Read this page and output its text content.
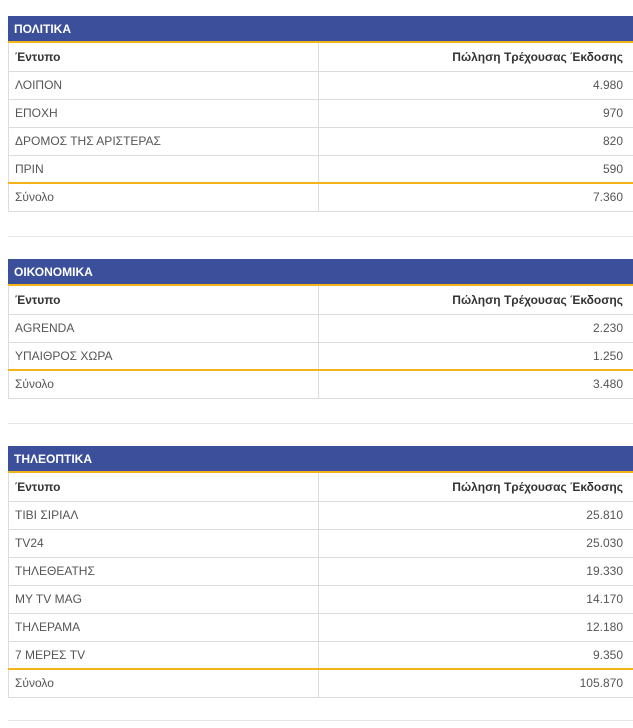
ΠΟΛΙΤΙΚΑ
Έντυπο	Πώληση Τρέχουσας Έκδοσης
ΛΟΙΠΟΝ	4.980
ΕΠΟΧΗ	970
ΔΡΟΜΟΣ ΤΗΣ ΑΡΙΣΤΕΡΑΣ	820
ΠΡΙΝ	590
Σύνολο	7.360
ΟΙΚΟΝΟΜΙΚΑ
Έντυπο	Πώληση Τρέχουσας Έκδοσης
AGRENDA	2.230
ΥΠΑΙΘΡΟΣ ΧΩΡΑ	1.250
Σύνολο	3.480
ΤΗΛΕΟΠΤΙΚΑ
Έντυπο	Πώληση Τρέχουσας Έκδοσης
ΤΙΒΙ ΣΙΡΙΑΛ	25.810
TV24	25.030
ΤΗΛΕΘΕΑΤΗΣ	19.330
MY TV MAG	14.170
ΤΗΛΕΡΑΜΑ	12.180
7 ΜΕΡΕΣ TV	9.350
Σύνολο	105.870
